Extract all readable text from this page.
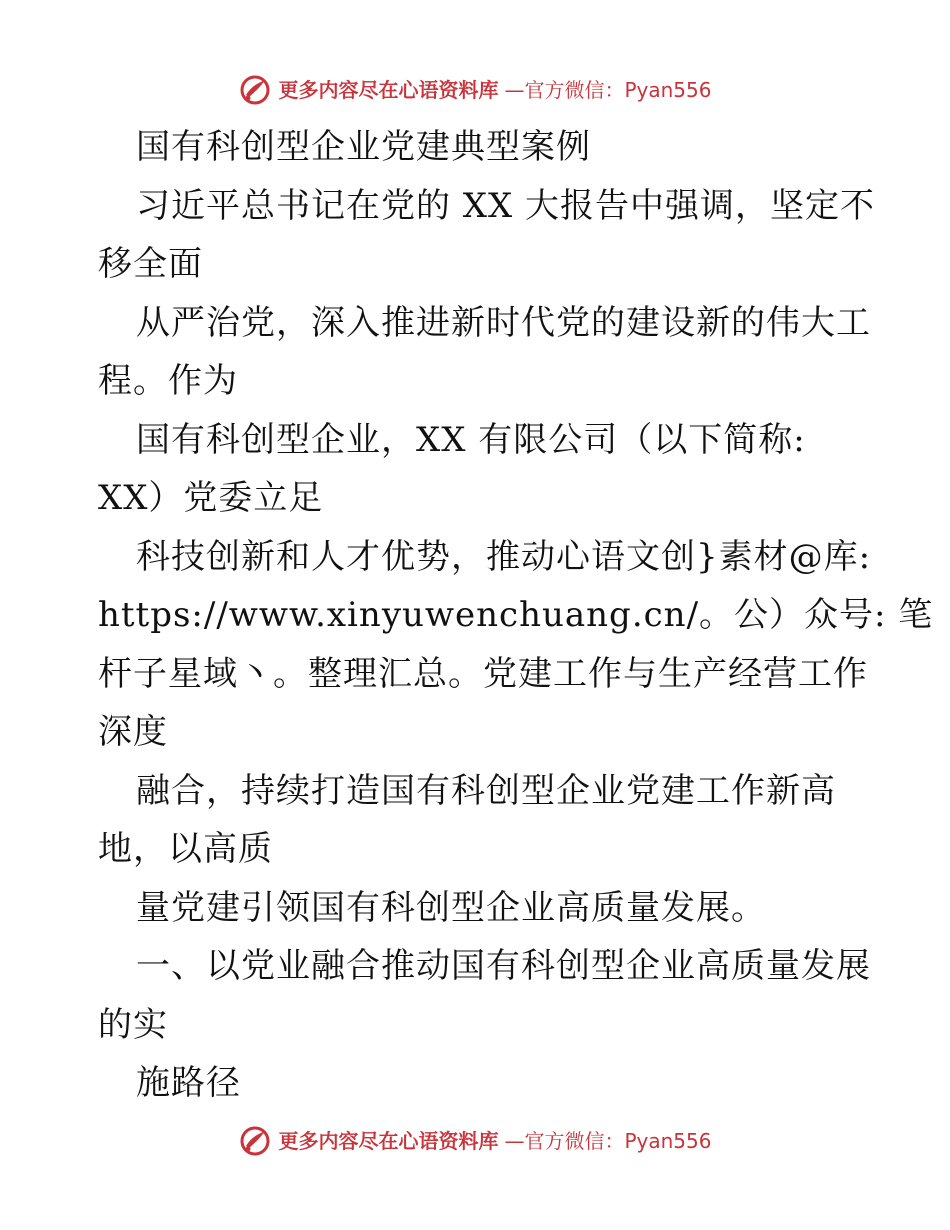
更多内容尽在心语资料库 —官方微信：Pyan556
国有科创型企业党建典型案例
习近平总书记在党的 XX 大报告中强调，坚定不
移全面
从严治党，深入推进新时代党的建设新的伟大工
程。作为
国有科创型企业，XX 有限公司（以下简称:
XX）党委立足
科技创新和人才优势，推动心语文创}素材@库:
https://www.xinyuwenchuang.cn/。公）众号: 笔
杆子星域丶。整理汇总。党建工作与生产经营工作
深度
融合，持续打造国有科创型企业党建工作新高
地，以高质
量党建引领国有科创型企业高质量发展。
一、以党业融合推动国有科创型企业高质量发展
的实
施路径
更多内容尽在心语资料库 —官方微信：Pyan556
